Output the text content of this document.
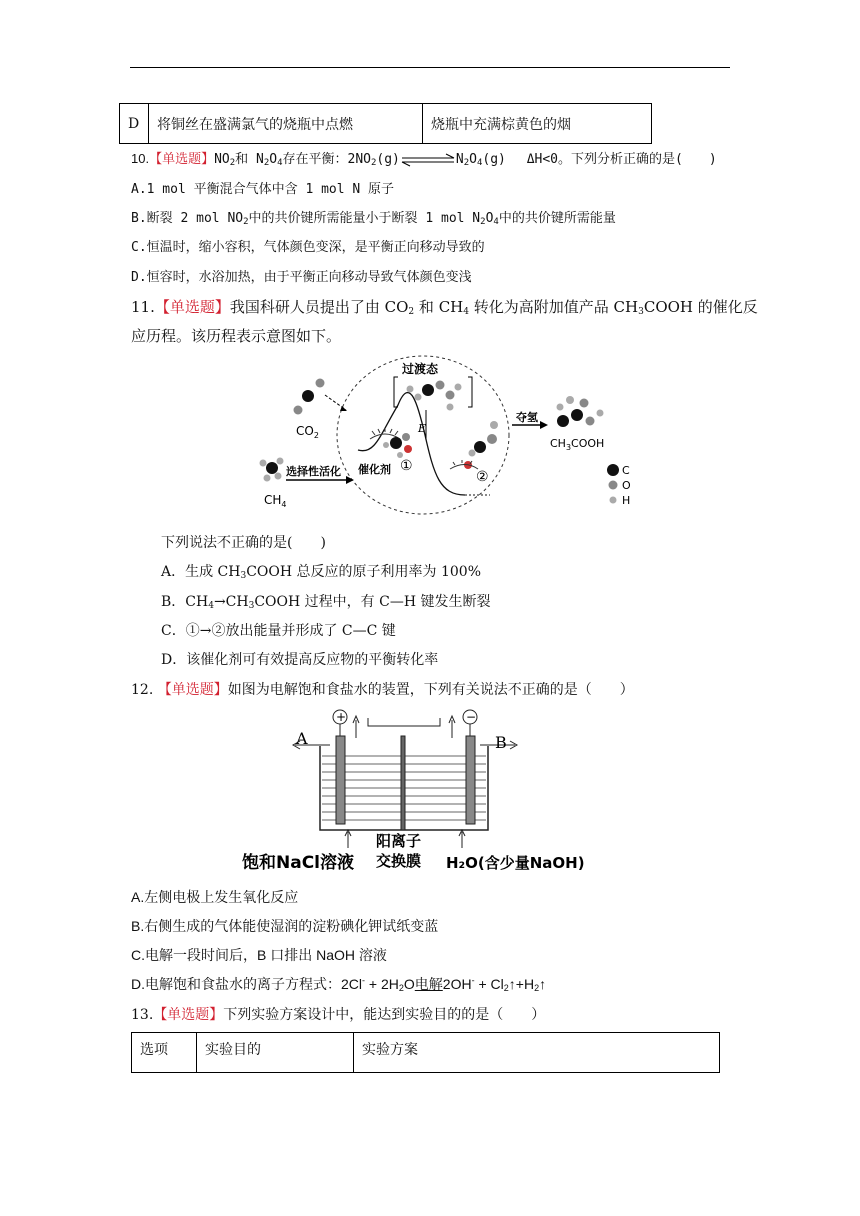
D	将铜丝在盛满氯气的烧瓶中点燃	烧瓶中充满棕黄色的烟
10.【单选题】$NO_2$和 $N_2O_4$存在平衡：$2NO_2(g)$	$N_2O_4(g)$　 ΔH<0。下列分析正确的是(　　)
A.1 mol 平衡混合气体中含 1 mol N 原子
B.断裂 2 mol $NO_2$中的共价键所需能量小于断裂 1 mol $N_2O_4$中的共价键所需能量
C.恒温时，缩小容积，气体颜色变深，是平衡正向移动导致的
D.恒容时，水浴加热，由于平衡正向移动导致气体颜色变浅
11.【单选题】我国科研人员提出了由 $CO_2$ 和 $CH_4$ 转化为高附加值产品 $CH_3COOH$ 的催化反
应历程。该历程表示意图如下。
$CO_2$
$CH_4$
选择性活化
E
过渡态
催化剂 ①
②
夺氢
$CH_3COOH$
C
O
H
下列说法不正确的是(　　)
A．生成 $CH_3COOH$ 总反应的原子利用率为 100%
B．$CH_4\to CH_3COOH$ 过程中，有 C—H 键发生断裂
C．①→②放出能量并形成了 C—C 键
D．该催化剂可有效提高反应物的平衡转化率
12. 【单选题】如图为电解饱和食盐水的装置，下列有关说法不正确的是（　　）
+	−
A	B
饱和NaCl溶液
阳离子
交换膜 H₂O(含少量NaOH)
A.左侧电极上发生氧化反应
B.右侧生成的气体能使湿润的淀粉碘化钾试纸变蓝
C.电解一段时间后，B 口排出 NaOH 溶液
D.电解饱和食盐水的离子方程式：$2Cl^- + 2H_2O$电解$2OH^- + Cl_2↑+H_2↑$
13.【单选题】下列实验方案设计中，能达到实验目的的是（　　）
选项	实验目的	实验方案
